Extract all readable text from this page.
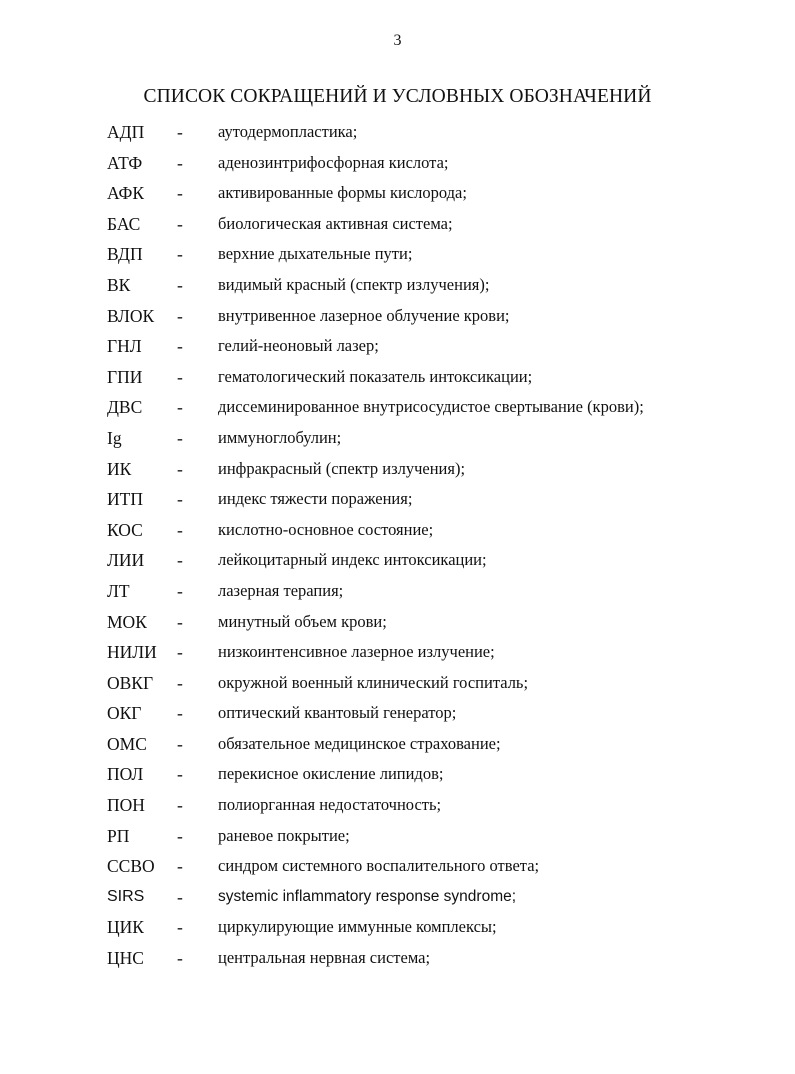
3
СПИСОК СОКРАЩЕНИЙ И УСЛОВНЫХ ОБОЗНАЧЕНИЙ
АДП - аутодермопластика;
АТФ - аденозинтрифосфорная кислота;
АФК - активированные формы кислорода;
БАС - биологическая активная система;
ВДП - верхние дыхательные пути;
ВК	- видимый красный (спектр излучения);
ВЛОК - внутривенное лазерное облучение крови;
ГНЛ - гелий-неоновый лазер;
ГПИ - гематологический показатель интоксикации;
ДВС - диссеминированное внутрисосудистое свертывание (крови);
Ig	- иммуноглобулин;
ИК	- инфракрасный (спектр излучения);
ИТП - индекс тяжести поражения;
КОС - кислотно-основное состояние;
ЛИИ - лейкоцитарный индекс интоксикации;
ЛТ	- лазерная терапия;
МОК - минутный объем крови;
НИЛИ - низкоинтенсивное лазерное излучение;
ОВКГ - окружной военный клинический госпиталь;
ОКГ - оптический квантовый генератор;
ОМС - обязательное медицинское страхование;
ПОЛ - перекисное окисление липидов;
ПОН - полиорганная недостаточность;
РП	- раневое покрытие;
ССВО - синдром системного воспалительного ответа;
SIRS - systemic inflammatory response syndrome;
ЦИК - циркулирующие иммунные комплексы;
ЦНС - центральная нервная система;
